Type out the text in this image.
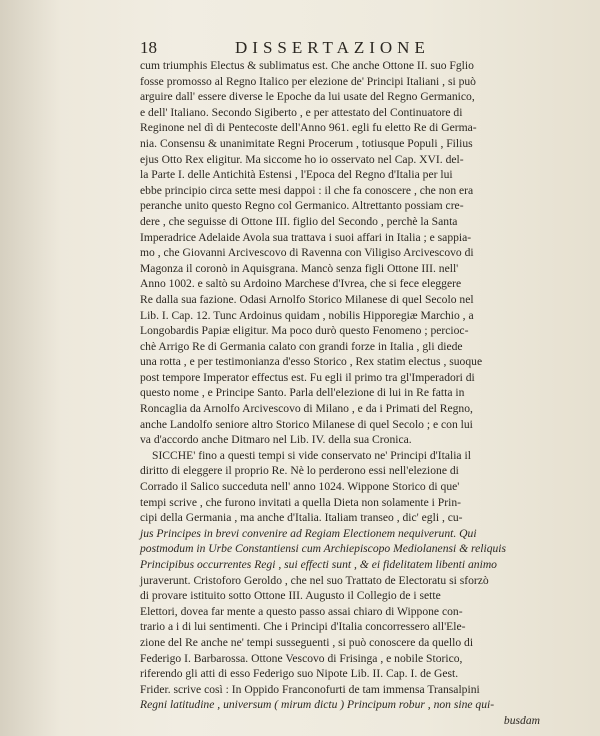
18	DISSERTAZIONE
cum triumphis Electus & sublimatus est. Che anche Ottone II. suo Fglio
fosse promosso al Regno Italico per elezione de' Principi Italiani , si può
arguire dall' essere diverse le Epoche da lui usate del Regno Germanico,
e dell' Italiano. Secondo Sigiberto , e per attestato del Continuatore di
Reginone nel dì di Pentecoste dell'Anno 961. egli fu eletto Re di Germa-
nia. Consensu & unanimitate Regni Procerum , totiusque Populi , Filius
ejus Otto Rex eligitur. Ma siccome ho io osservato nel Cap. XVI. del-
la Parte I. delle Antichità Estensi , l'Epoca del Regno d'Italia per lui
ebbe principio circa sette mesi dappoi : il che fa conoscere , che non era
peranche unito questo Regno col Germanico. Altrettanto possiam cre-
dere , che seguisse di Ottone III. figlio del Secondo , perchè la Santa
Imperadrice Adelaide Avola sua trattava i suoi affari in Italia ; e sappia-
mo , che Giovanni Arcivescovo di Ravenna con Viligiso Arcivescovo di
Magonza il coronò in Aquisgrana. Mancò senza figli Ottone III. nell'
Anno 1002. e saltò su Ardoino Marchese d'Ivrea, che si fece eleggere
Re dalla sua fazione. Odasi Arnolfo Storico Milanese di quel Secolo nel
Lib. I. Cap. 12. Tunc Ardoinus quidam , nobilis Hipporegiæ Marchio , a
Longobardis Papiæ eligitur. Ma poco durò questo Fenomeno ; percioc-
chè Arrigo Re di Germania calato con grandi forze in Italia , gli diede
una rotta , e per testimonianza d'esso Storico , Rex statim electus , suoque
post tempore Imperator effectus est. Fu egli il primo tra gl'Imperadori di
questo nome , e Principe Santo. Parla dell'elezione di lui in Re fatta in
Roncaglia da Arnolfo Arcivescovo di Milano , e da i Primati del Regno,
anche Landolfo seniore altro Storico Milanese di quel Secolo ; e con lui
va d'accordo anche Ditmaro nel Lib. IV. della sua Cronica.
SICCHE' fino a questi tempi si vide conservato ne' Principi d'Italia il
diritto di eleggere il proprio Re. Nè lo perderono essi nell'elezione di
Corrado il Salico succeduta nell' anno 1024. Wippone Storico di que'
tempi scrive , che furono invitati a quella Dieta non solamente i Prin-
cipi della Germania , ma anche d'Italia. Italiam transeo , dic' egli , cu-
jus Principes in brevi convenire ad Regiam Electionem nequiverunt. Qui
postmodum in Urbe Constantiensi cum Archiepiscopo Mediolanensi & reliquis
Principibus occurrentes Regi , sui effecti sunt , & ei fidelitatem libenti animo
juraverunt. Cristoforo Geroldo , che nel suo Trattato de Electoratu si sforzò
di provare istituito sotto Ottone III. Augusto il Collegio de i sette
Elettori, dovea far mente a questo passo assai chiaro di Wippone con-
trario a i di lui sentimenti. Che i Principi d'Italia concorressero all'Ele-
zione del Re anche ne' tempi susseguenti , si può conoscere da quello di
Federigo I. Barbarossa. Ottone Vescovo di Frisinga , e nobile Storico,
riferendo gli atti di esso Federigo suo Nipote Lib. II. Cap. I. de Gest.
Frider. scrive così : In Oppido Franconofurti de tam immensa Transalpini
Regni latitudine , universum ( mirum dictu ) Principum robur , non sine qui-
busdam
